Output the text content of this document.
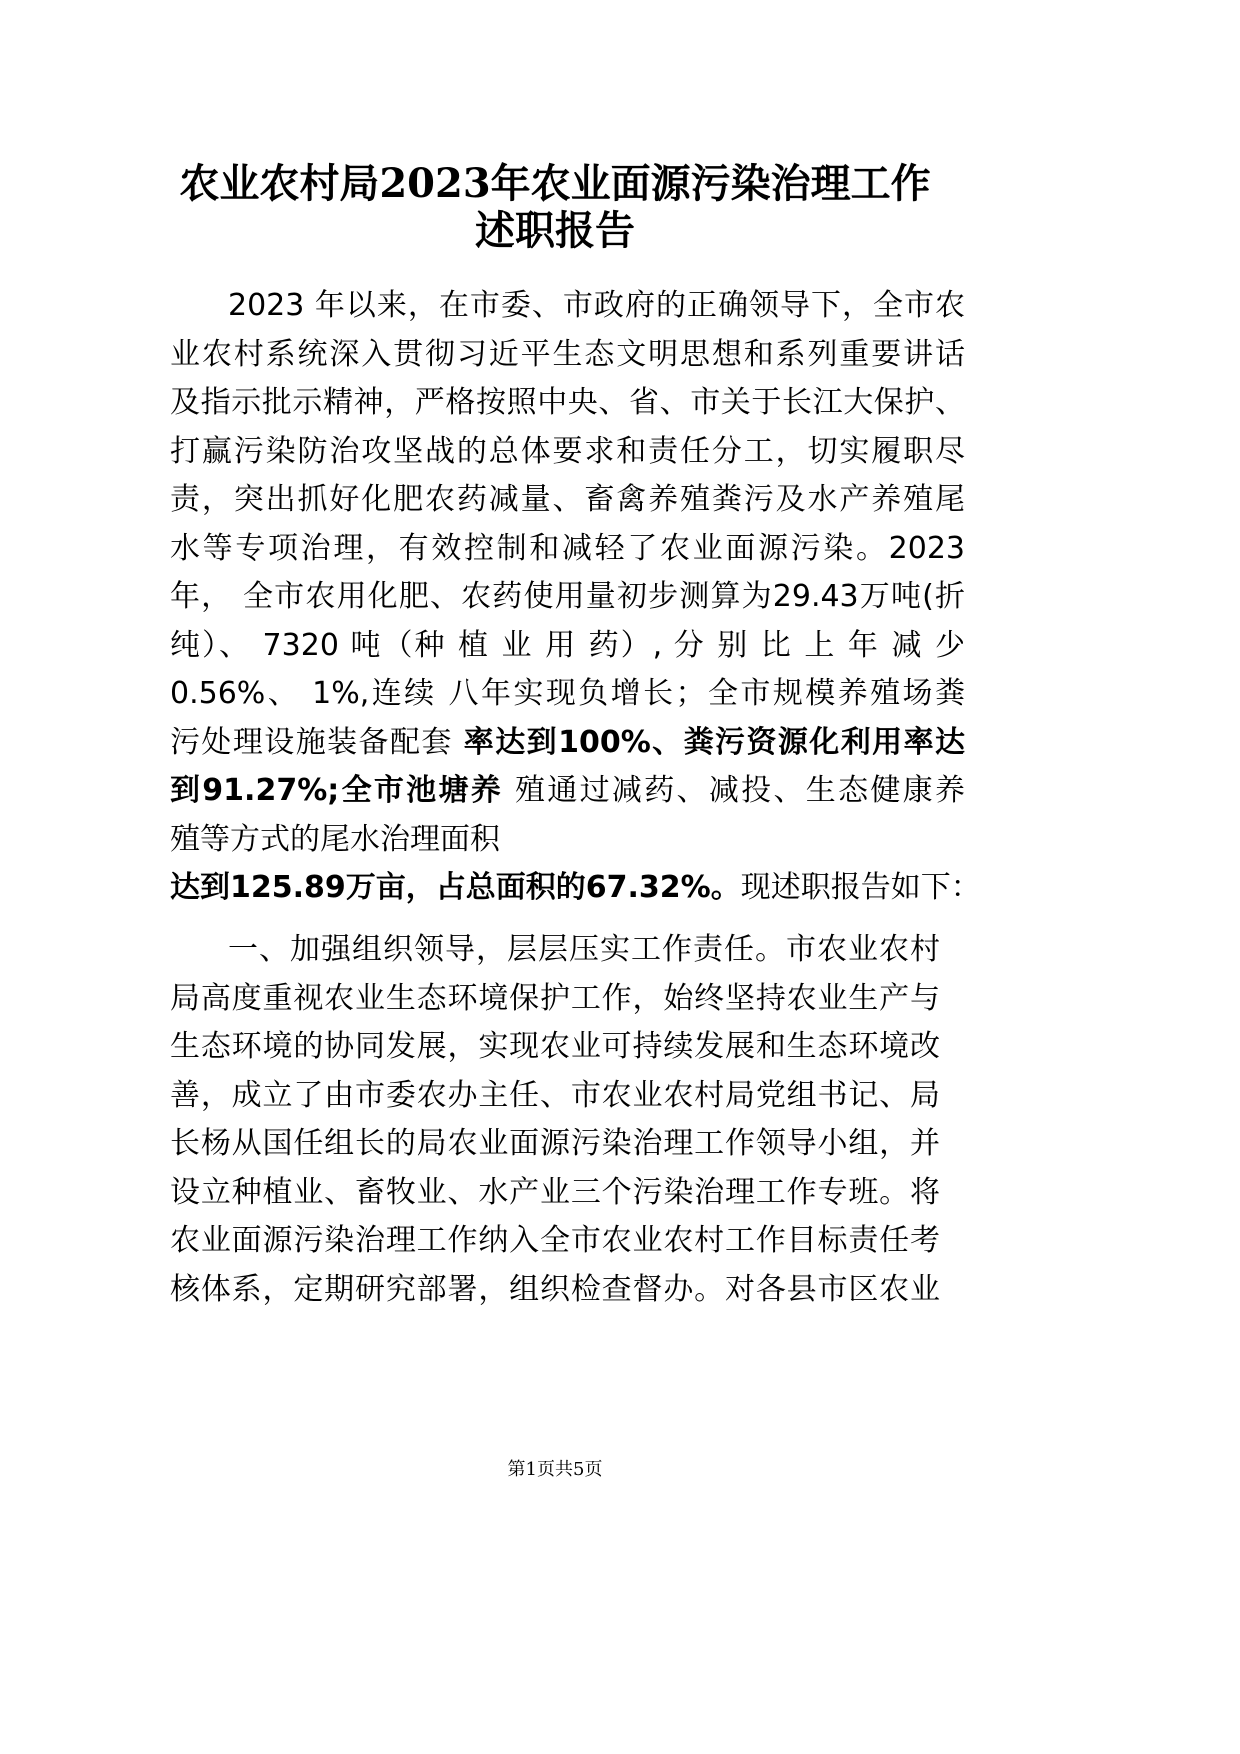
农业农村局2023年农业面源污染治理工作
述职报告
2023 年以来，在市委、市政府的正确领导下，全市农
业农村系统深入贯彻习近平生态文明思想和系列重要讲话
及指示批示精神，严格按照中央、省、市关于长江大保护、
打赢污染防治攻坚战的总体要求和责任分工，切实履职尽
责，突出抓好化肥农药减量、畜禽养殖粪污及水产养殖尾
水等专项治理，有效控制和减轻了农业面源污染。2023
年， 全市农用化肥、农药使用量初步测算为29.43万吨(折
纯）、 7320 吨（种 植 业 用 药）, 分 别 比 上 年 减 少
0.56%、 1%,连续 八年实现负增长；全市规模养殖场粪
污处理设施装备配套 率达到100%、粪污资源化利用率达
到91.27%;全市池塘养 殖通过减药、减投、生态健康养
殖等方式的尾水治理面积
达到125.89万亩，占总面积的67.32%。现述职报告如下：
一、加强组织领导，层层压实工作责任。市农业农村
局高度重视农业生态环境保护工作，始终坚持农业生产与
生态环境的协同发展，实现农业可持续发展和生态环境改
善，成立了由市委农办主任、市农业农村局党组书记、局
长杨从国任组长的局农业面源污染治理工作领导小组，并
设立种植业、畜牧业、水产业三个污染治理工作专班。将
农业面源污染治理工作纳入全市农业农村工作目标责任考
核体系，定期研究部署，组织检查督办。对各县市区农业
第1页共5页
